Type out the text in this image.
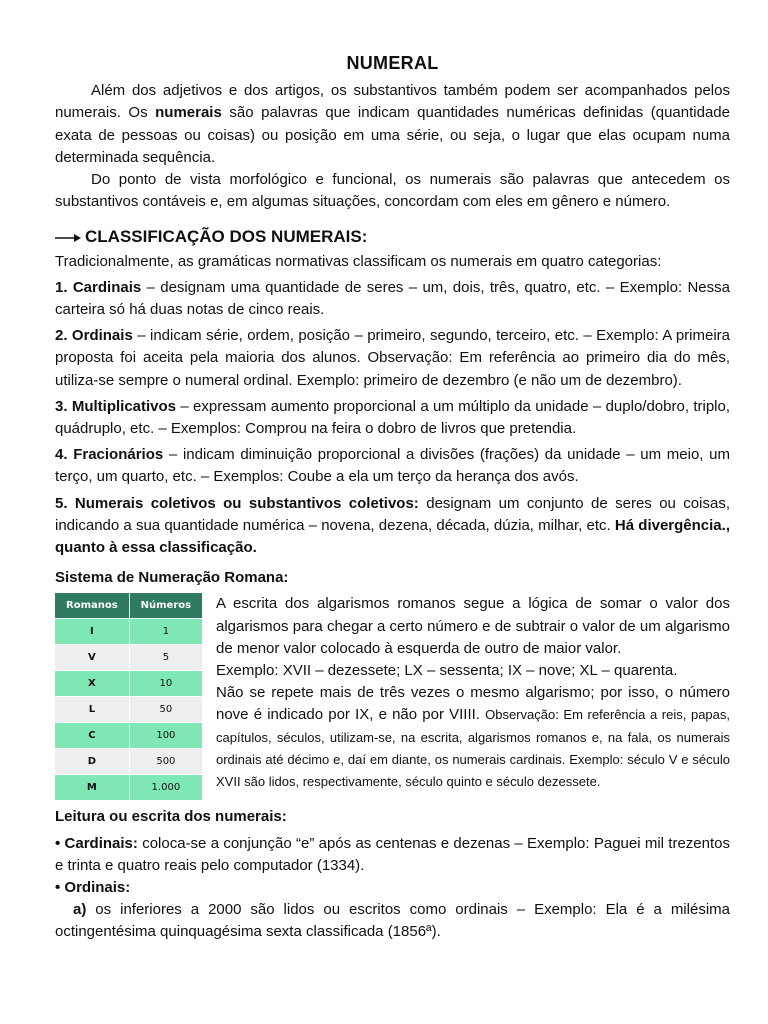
NUMERAL

Além dos adjetivos e dos artigos, os substantivos também podem ser acompanhados pelos numerais. Os numerais são palavras que indicam quantidades numéricas definidas (quantidade exata de pessoas ou coisas) ou posição em uma série, ou seja, o lugar que elas ocupam numa determinada sequência.

Do ponto de vista morfológico e funcional, os numerais são palavras que antecedem os substantivos contáveis e, em algumas situações, concordam com eles em gênero e número.

CLASSIFICAÇÃO DOS NUMERAIS:

Tradicionalmente, as gramáticas normativas classificam os numerais em quatro categorias:

1. Cardinais – designam uma quantidade de seres – um, dois, três, quatro, etc. – Exemplo: Nessa carteira só há duas notas de cinco reais.

2. Ordinais – indicam série, ordem, posição – primeiro, segundo, terceiro, etc. – Exemplo: A primeira proposta foi aceita pela maioria dos alunos. Observação: Em referência ao primeiro dia do mês, utiliza-se sempre o numeral ordinal. Exemplo: primeiro de dezembro (e não um de dezembro).

3. Multiplicativos – expressam aumento proporcional a um múltiplo da unidade – duplo/dobro, triplo, quádruplo, etc. – Exemplos: Comprou na feira o dobro de livros que pretendia.

4. Fracionários – indicam diminuição proporcional a divisões (frações) da unidade – um meio, um terço, um quarto, etc. – Exemplos: Coube a ela um terço da herança dos avós.

5. Numerais coletivos ou substantivos coletivos: designam um conjunto de seres ou coisas, indicando a sua quantidade numérica – novena, dezena, década, dúzia, milhar, etc. Há divergência., quanto à essa classificação.

Sistema de Numeração Romana:
Romanos	Números
I	1
V	5
X	10
L	50
C	100
D	500
M	1.000
A escrita dos algarismos romanos segue a lógica de somar o valor dos algarismos para chegar a certo número e de subtrair o valor de um algarismo de menor valor colocado à esquerda de outro de maior valor.
Exemplo: XVII – dezessete; LX – sessenta; IX – nove; XL – quarenta.
Não se repete mais de três vezes o mesmo algarismo; por isso, o número nove é indicado por IX, e não por VIIII. Observação: Em referência a reis, papas, capítulos, séculos, utilizam-se, na escrita, algarismos romanos e, na fala, os numerais ordinais até décimo e, daí em diante, os numerais cardinais. Exemplo: século V e século XVII são lidos, respectivamente, século quinto e século dezessete.
Leitura ou escrita dos numerais:

• Cardinais: coloca-se a conjunção “e” após as centenas e dezenas – Exemplo: Paguei mil trezentos e trinta e quatro reais pelo computador (1334).

• Ordinais:

a) os inferiores a 2000 são lidos ou escritos como ordinais – Exemplo: Ela é a milésima octingentésima quinquagésima sexta classificada (1856ª).
